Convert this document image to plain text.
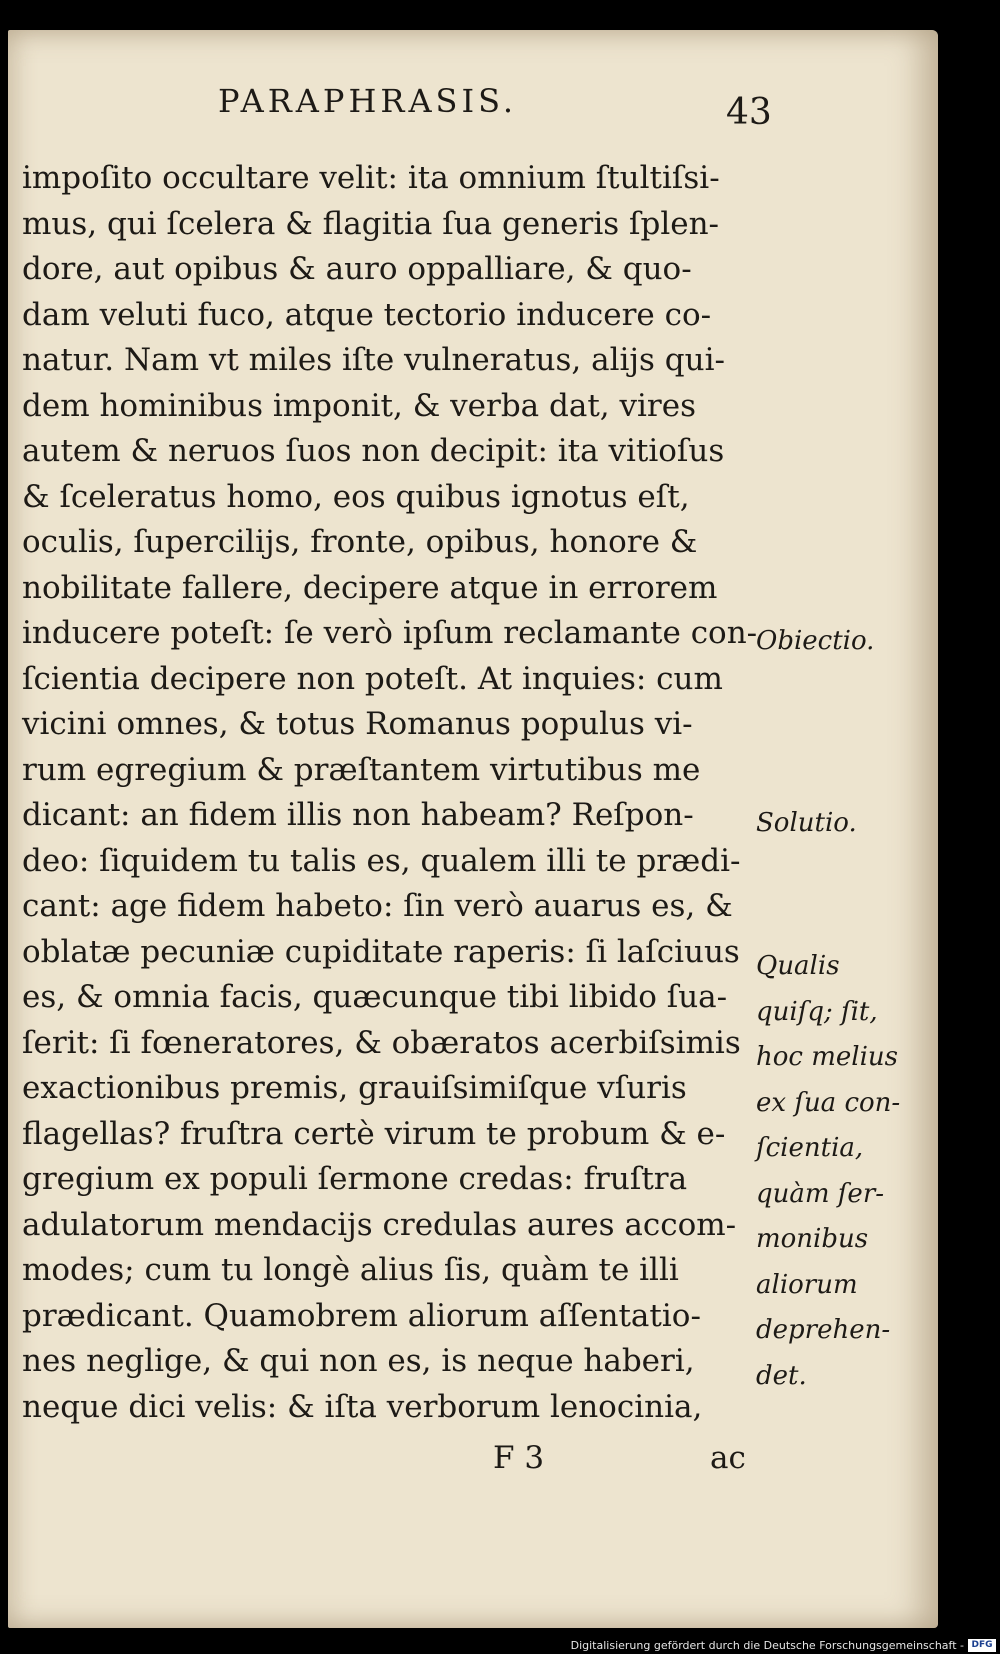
PARAPHRASIS.	43
impoſito occultare velit: ita omnium ſtultiſsi-
mus, qui ſcelera & flagitia ſua generis ſplen-
dore, aut opibus & auro oppalliare, & quo-
dam veluti fuco, atque tectorio inducere co-
natur. Nam vt miles iſte vulneratus, alijs qui-
dem hominibus imponit, & verba dat, vires
autem & neruos ſuos non decipit: ita vitioſus
& ſceleratus homo, eos quibus ignotus eſt,
oculis, ſupercilijs, fronte, opibus, honore &
nobilitate fallere, decipere atque in errorem
inducere poteſt: ſe verò ipſum reclamante con-
ſcientia decipere non poteſt. At inquies: cum
vicini omnes, & totus Romanus populus vi-
rum egregium & præſtantem virtutibus me
dicant: an fidem illis non habeam? Reſpon-
deo: ſiquidem tu talis es, qualem illi te prædi-
cant: age fidem habeto: ſin verò auarus es, &
oblatæ pecuniæ cupiditate raperis: ſi laſciuus
es, & omnia facis, quæcunque tibi libido ſua-
ſerit: ſi fœneratores, & obæratos acerbiſsimis
exactionibus premis, grauiſsimiſque vſuris
flagellas? fruſtra certè virum te probum & e-
gregium ex populi ſermone credas: fruſtra
adulatorum mendacijs credulas aures accom-
modes; cum tu longè alius ſis, quàm te illi
prædicant. Quamobrem aliorum aſſentatio-
nes neglige, & qui non es, is neque haberi,
neque dici velis: & iſta verborum lenocinia,
Obiectio.
Solutio.
Qualis
quiſq; ſit,
hoc melius
ex ſua con-
ſcientia,
quàm ſer-
monibus
aliorum
deprehen-
det.
F 3	ac
Digitalisierung gefördert durch die Deutsche Forschungsgemeinschaft - DFG
